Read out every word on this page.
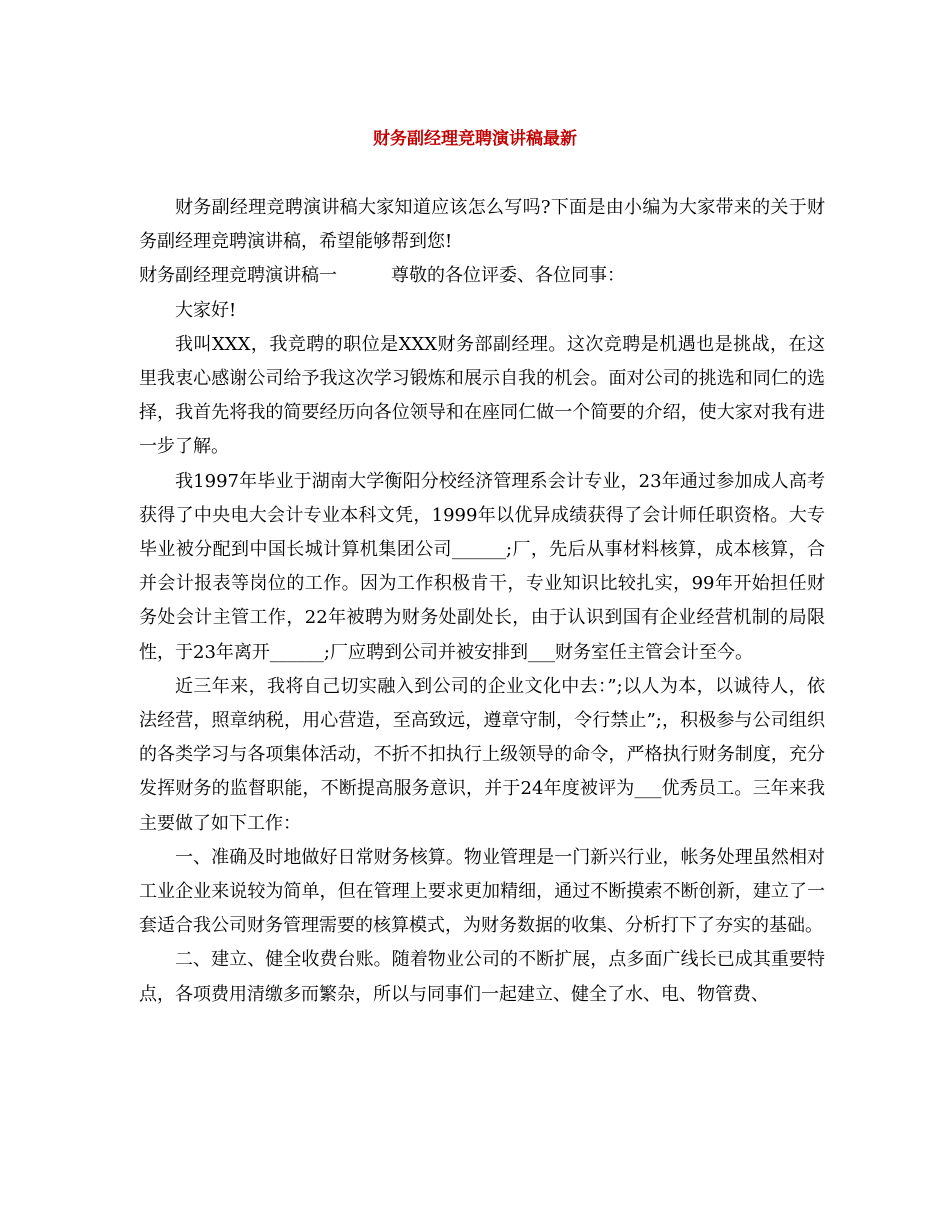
财务副经理竞聘演讲稿最新

财务副经理竞聘演讲稿大家知道应该怎么写吗?下面是由小编为大家带来的关于财务副经理竞聘演讲稿，希望能够帮到您!

财务副经理竞聘演讲稿一	尊敬的各位评委、各位同事：

大家好!

我叫XXX，我竞聘的职位是XXX财务部副经理。这次竞聘是机遇也是挑战，在这里我衷心感谢公司给予我这次学习锻炼和展示自我的机会。面对公司的挑选和同仁的选择，我首先将我的简要经历向各位领导和在座同仁做一个简要的介绍，使大家对我有进一步了解。

我1997年毕业于湖南大学衡阳分校经济管理系会计专业，23年通过参加成人高考获得了中央电大会计专业本科文凭，1999年以优异成绩获得了会计师任职资格。大专毕业被分配到中国长城计算机集团公司______;厂，先后从事材料核算，成本核算，合并会计报表等岗位的工作。因为工作积极肯干，专业知识比较扎实，99年开始担任财务处会计主管工作，22年被聘为财务处副处长，由于认识到国有企业经营机制的局限性，于23年离开______;厂应聘到公司并被安排到___财务室任主管会计至今。

近三年来，我将自己切实融入到公司的企业文化中去：”;以人为本，以诚待人，依法经营，照章纳税，用心营造，至高致远，遵章守制，令行禁止”;，积极参与公司组织的各类学习与各项集体活动，不折不扣执行上级领导的命令，严格执行财务制度，充分发挥财务的监督职能，不断提高服务意识，并于24年度被评为___优秀员工。三年来我主要做了如下工作：

一、准确及时地做好日常财务核算。物业管理是一门新兴行业，帐务处理虽然相对工业企业来说较为简单，但在管理上要求更加精细，通过不断摸索不断创新，建立了一套适合我公司财务管理需要的核算模式，为财务数据的收集、分析打下了夯实的基础。

二、建立、健全收费台账。随着物业公司的不断扩展，点多面广线长已成其重要特点，各项费用清缴多而繁杂，所以与同事们一起建立、健全了水、电、物管费、
